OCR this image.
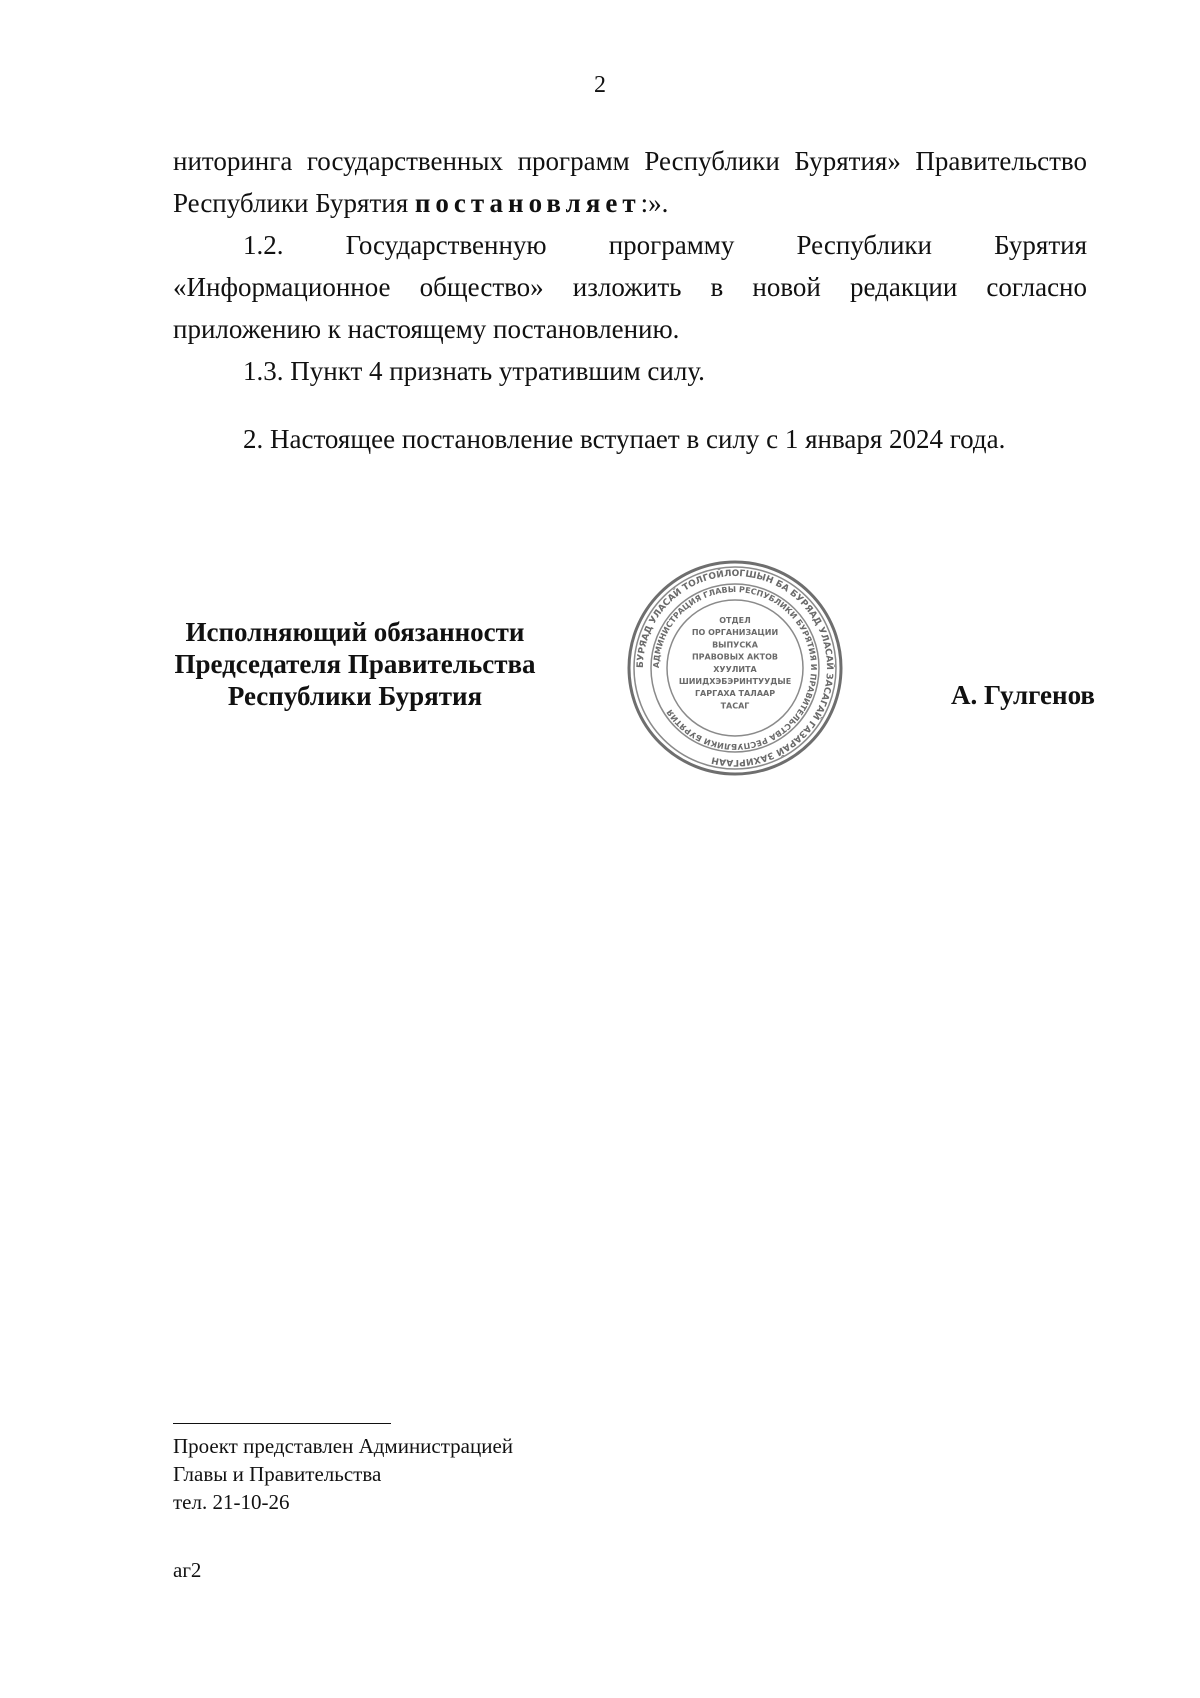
2

ниторинга государственных программ Республики Бурятия» Правительство Республики Бурятия постановляет:».

1.2. Государственную программу Республики Бурятия «Информационное общество» изложить в новой редакции согласно приложению к настоящему постановлению.

1.3. Пункт 4 признать утратившим силу.

2. Настоящее постановление вступает в силу с 1 января 2024 года.

Исполняющий обязанности
Председателя Правительства
Республики Бурятия
БУРЯАД УЛАСАЙ ТОЛГОЙЛОГШЫН БА БУРЯАД УЛАСАЙ ЗАСАГАЙ ГАЗАРАЙ ЗАХИРГААН
АДМИНИСТРАЦИЯ ГЛАВЫ РЕСПУБЛИКИ БУРЯТИЯ И ПРАВИТЕЛЬСТВА РЕСПУБЛИКИ БУРЯТИЯ
ОТДЕЛ
ПО ОРГАНИЗАЦИИ
ВЫПУСКА
ПРАВОВЫХ АКТОВ
ХУУЛИТА
ШИИДХЭБЭРИНТУУДЫЕ
ГАРГАХА ТАЛААР
ТАСАГ	А. Гулгенов
Проект представлен Администрацией
Главы и Правительства
тел. 21-10-26
аг2
